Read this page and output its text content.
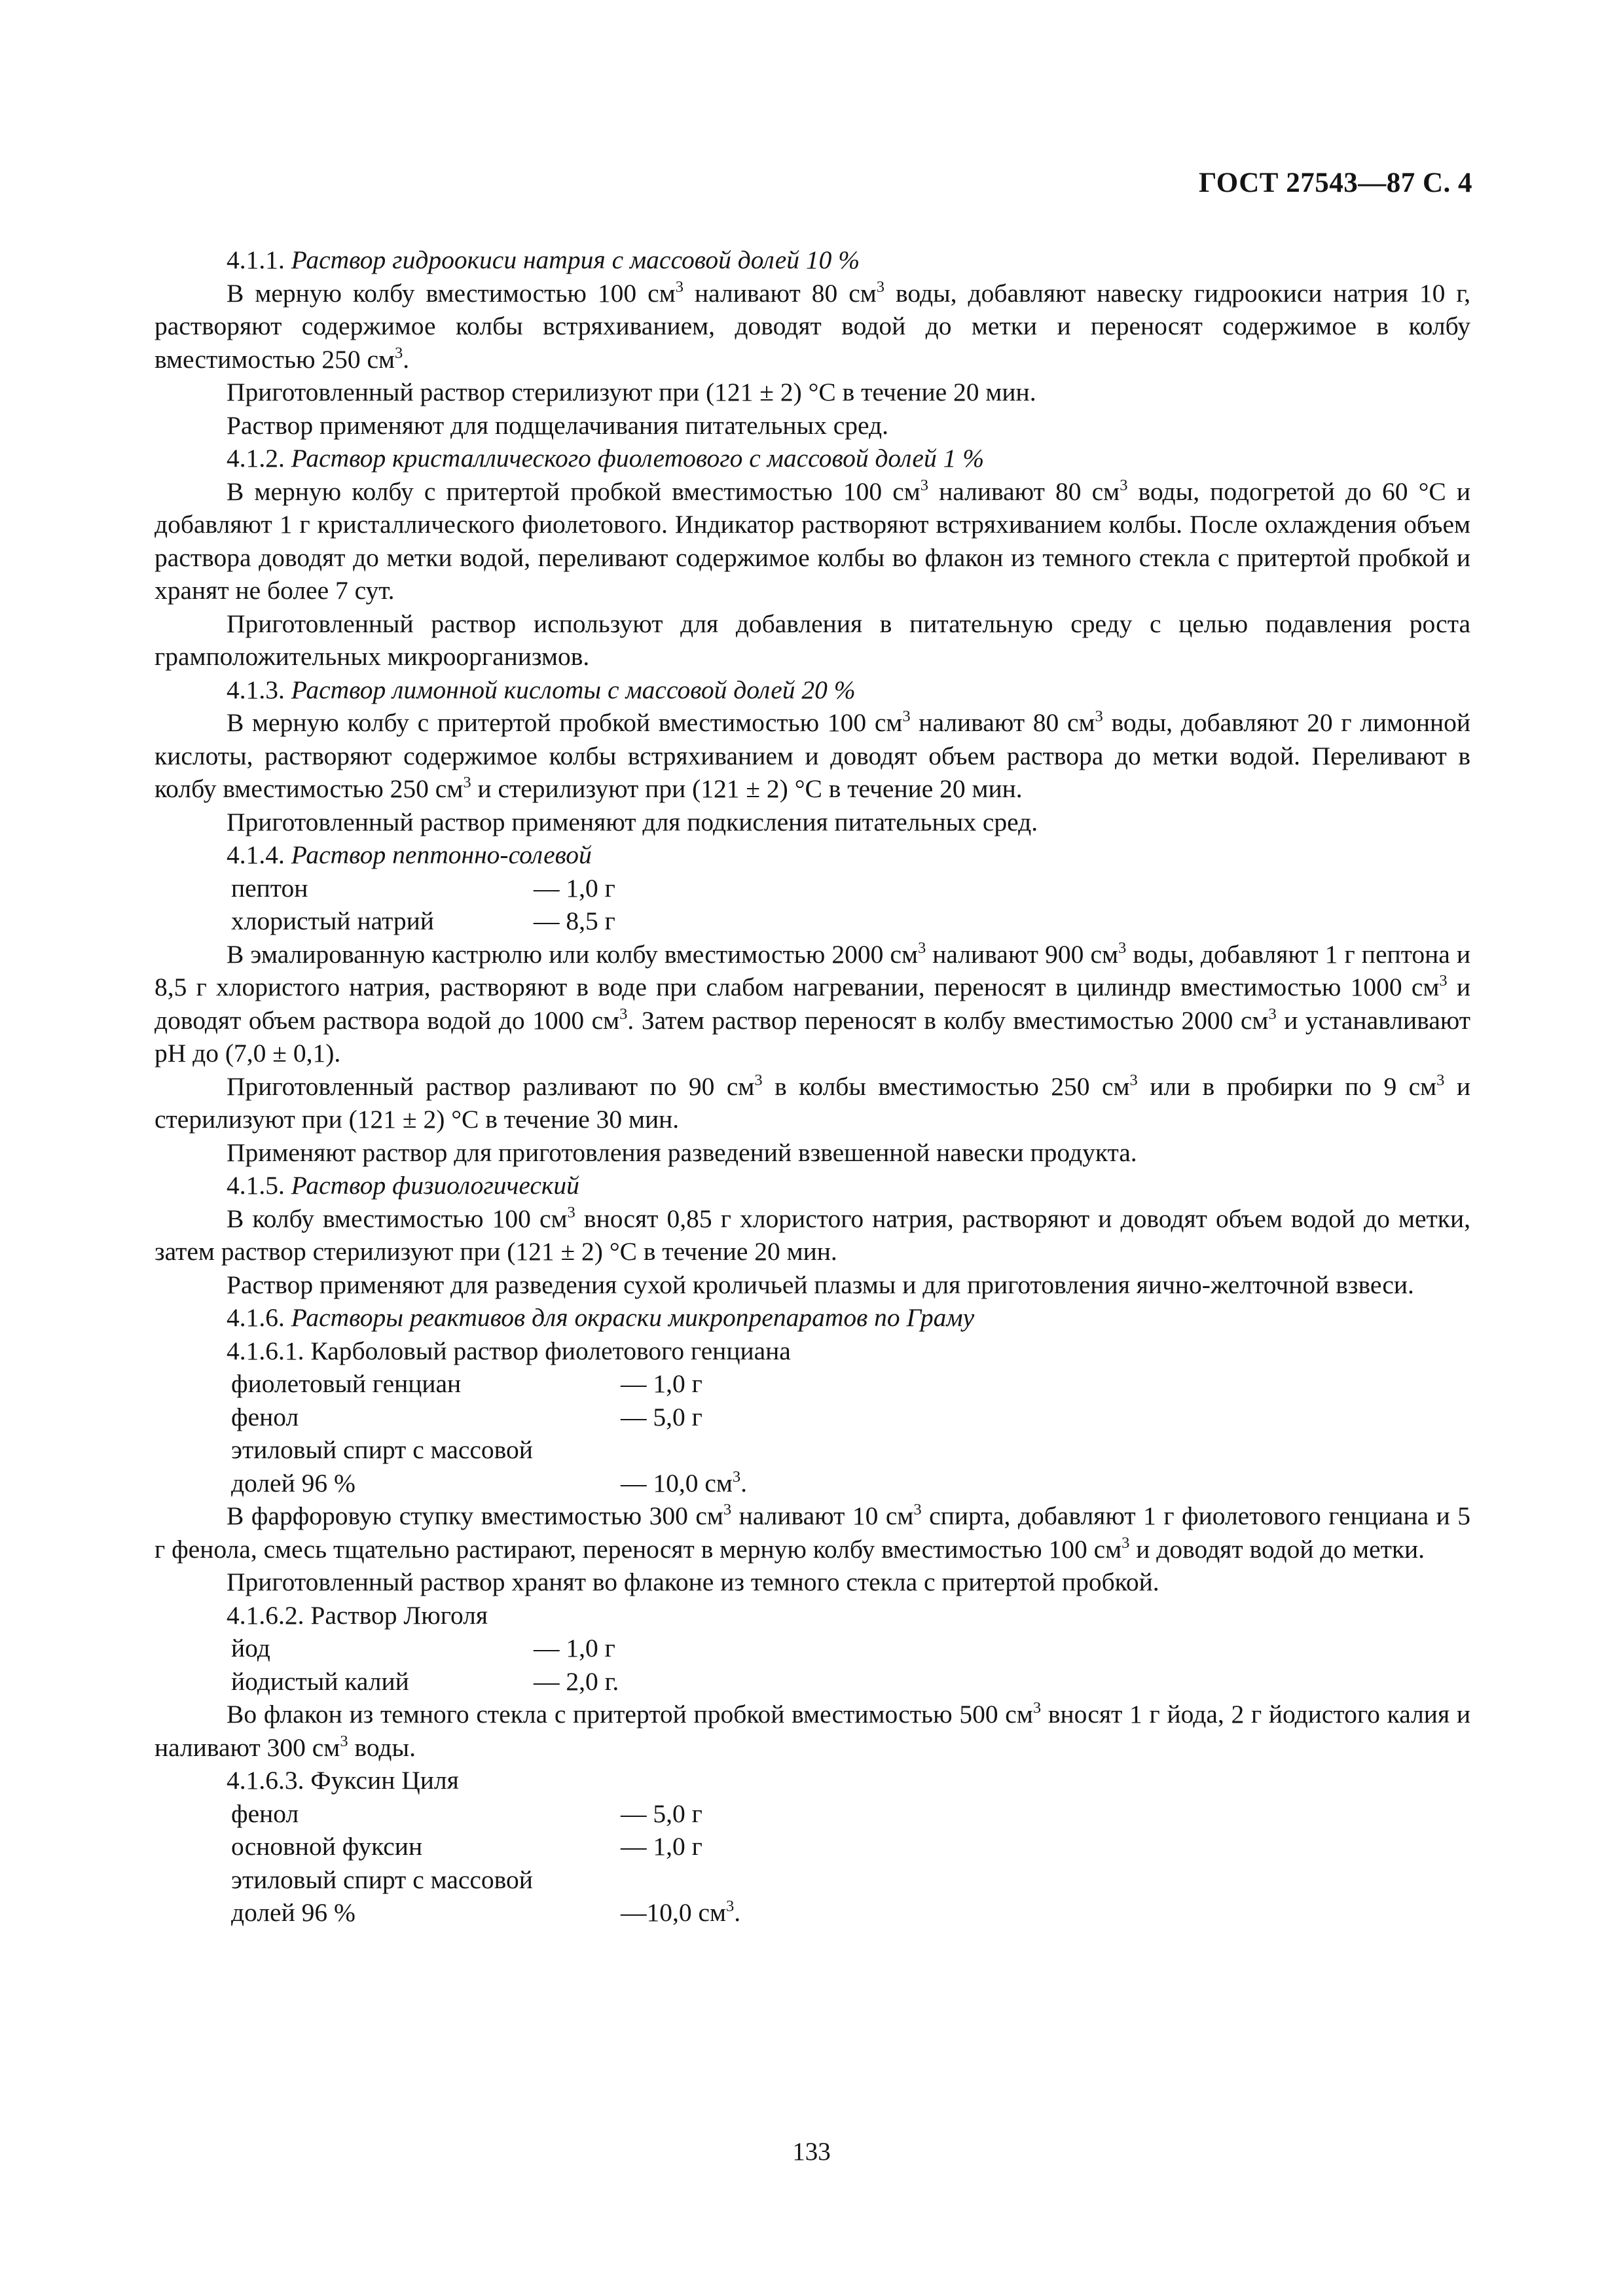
ГОСТ 27543—87 С. 4
4.1.1. Раствор гидроокиси натрия с массовой долей 10 %

В мерную колбу вместимостью 100 $см^3$ наливают 80 $см^3$ воды, добавляют навеску гидроокиси натрия 10 г, растворяют содержимое колбы встряхиванием, доводят водой до метки и переносят содержимое в колбу вместимостью 250 $см^3$.

Приготовленный раствор стерилизуют при (121 ± 2) °С в течение 20 мин.

Раствор применяют для подщелачивания питательных сред.

4.1.2. Раствор кристаллического фиолетового с массовой долей 1 %

В мерную колбу с притертой пробкой вместимостью 100 $см^3$ наливают 80 $см^3$ воды, подогретой до 60 °С и добавляют 1 г кристаллического фиолетового. Индикатор растворяют встряхиванием колбы. После охлаждения объем раствора доводят до метки водой, переливают содержимое колбы во флакон из темного стекла с притертой пробкой и хранят не более 7 сут.

Приготовленный раствор используют для добавления в питательную среду с целью подавления роста грамположительных микроорганизмов.

4.1.3. Раствор лимонной кислоты с массовой долей 20 %

В мерную колбу с притертой пробкой вместимостью 100 $см^3$ наливают 80 $см^3$ воды, добавляют 20 г лимонной кислоты, растворяют содержимое колбы встряхиванием и доводят объем раствора до метки водой. Переливают в колбу вместимостью 250 $см^3$ и стерилизуют при (121 ± 2) °С в течение 20 мин.

Приготовленный раствор применяют для подкисления питательных сред.

4.1.4. Раствор пептонно-солевой
пептон	— 1,0 г
хлористый натрий	— 8,5 г

В эмалированную кастрюлю или колбу вместимостью 2000 $см^3$ наливают 900 $см^3$ воды, добавляют 1 г пептона и 8,5 г хлористого натрия, растворяют в воде при слабом нагревании, переносят в цилиндр вместимостью 1000 $см^3$ и доводят объем раствора водой до 1000 $см^3$. Затем раствор переносят в колбу вместимостью 2000 $см^3$ и устанавливают pH до (7,0 ± 0,1).

Приготовленный раствор разливают по 90 $см^3$ в колбы вместимостью 250 $см^3$ или в пробирки по 9 $см^3$ и стерилизуют при (121 ± 2) °С в течение 30 мин.

Применяют раствор для приготовления разведений взвешенной навески продукта.

4.1.5. Раствор физиологический

В колбу вместимостью 100 $см^3$ вносят 0,85 г хлористого натрия, растворяют и доводят объем водой до метки, затем раствор стерилизуют при (121 ± 2) °С в течение 20 мин.

Раствор применяют для разведения сухой кроличьей плазмы и для приготовления яично-желточной взвеси.

4.1.6. Растворы реактивов для окраски микропрепаратов по Граму
4.1.6.1. Карболовый раствор фиолетового генциана
фиолетовый генциан	— 1,0 г
фенол	— 5,0 г
этиловый спирт с массовой
долей 96 %	— 10,0 $см^3$.

В фарфоровую ступку вместимостью 300 $см^3$ наливают 10 $см^3$ спирта, добавляют 1 г фиолетового генциана и 5 г фенола, смесь тщательно растирают, переносят в мерную колбу вместимостью 100 $см^3$ и доводят водой до метки.

Приготовленный раствор хранят во флаконе из темного стекла с притертой пробкой.

4.1.6.2. Раствор Люголя
йод	— 1,0 г
йодистый калий	— 2,0 г.

Во флакон из темного стекла с притертой пробкой вместимостью 500 $см^3$ вносят 1 г йода, 2 г йодистого калия и наливают 300 $см^3$ воды.

4.1.6.3. Фуксин Циля
фенол	— 5,0 г
основной фуксин	— 1,0 г
этиловый спирт с массовой
долей 96 %	—10,0 $см^3$.
133
